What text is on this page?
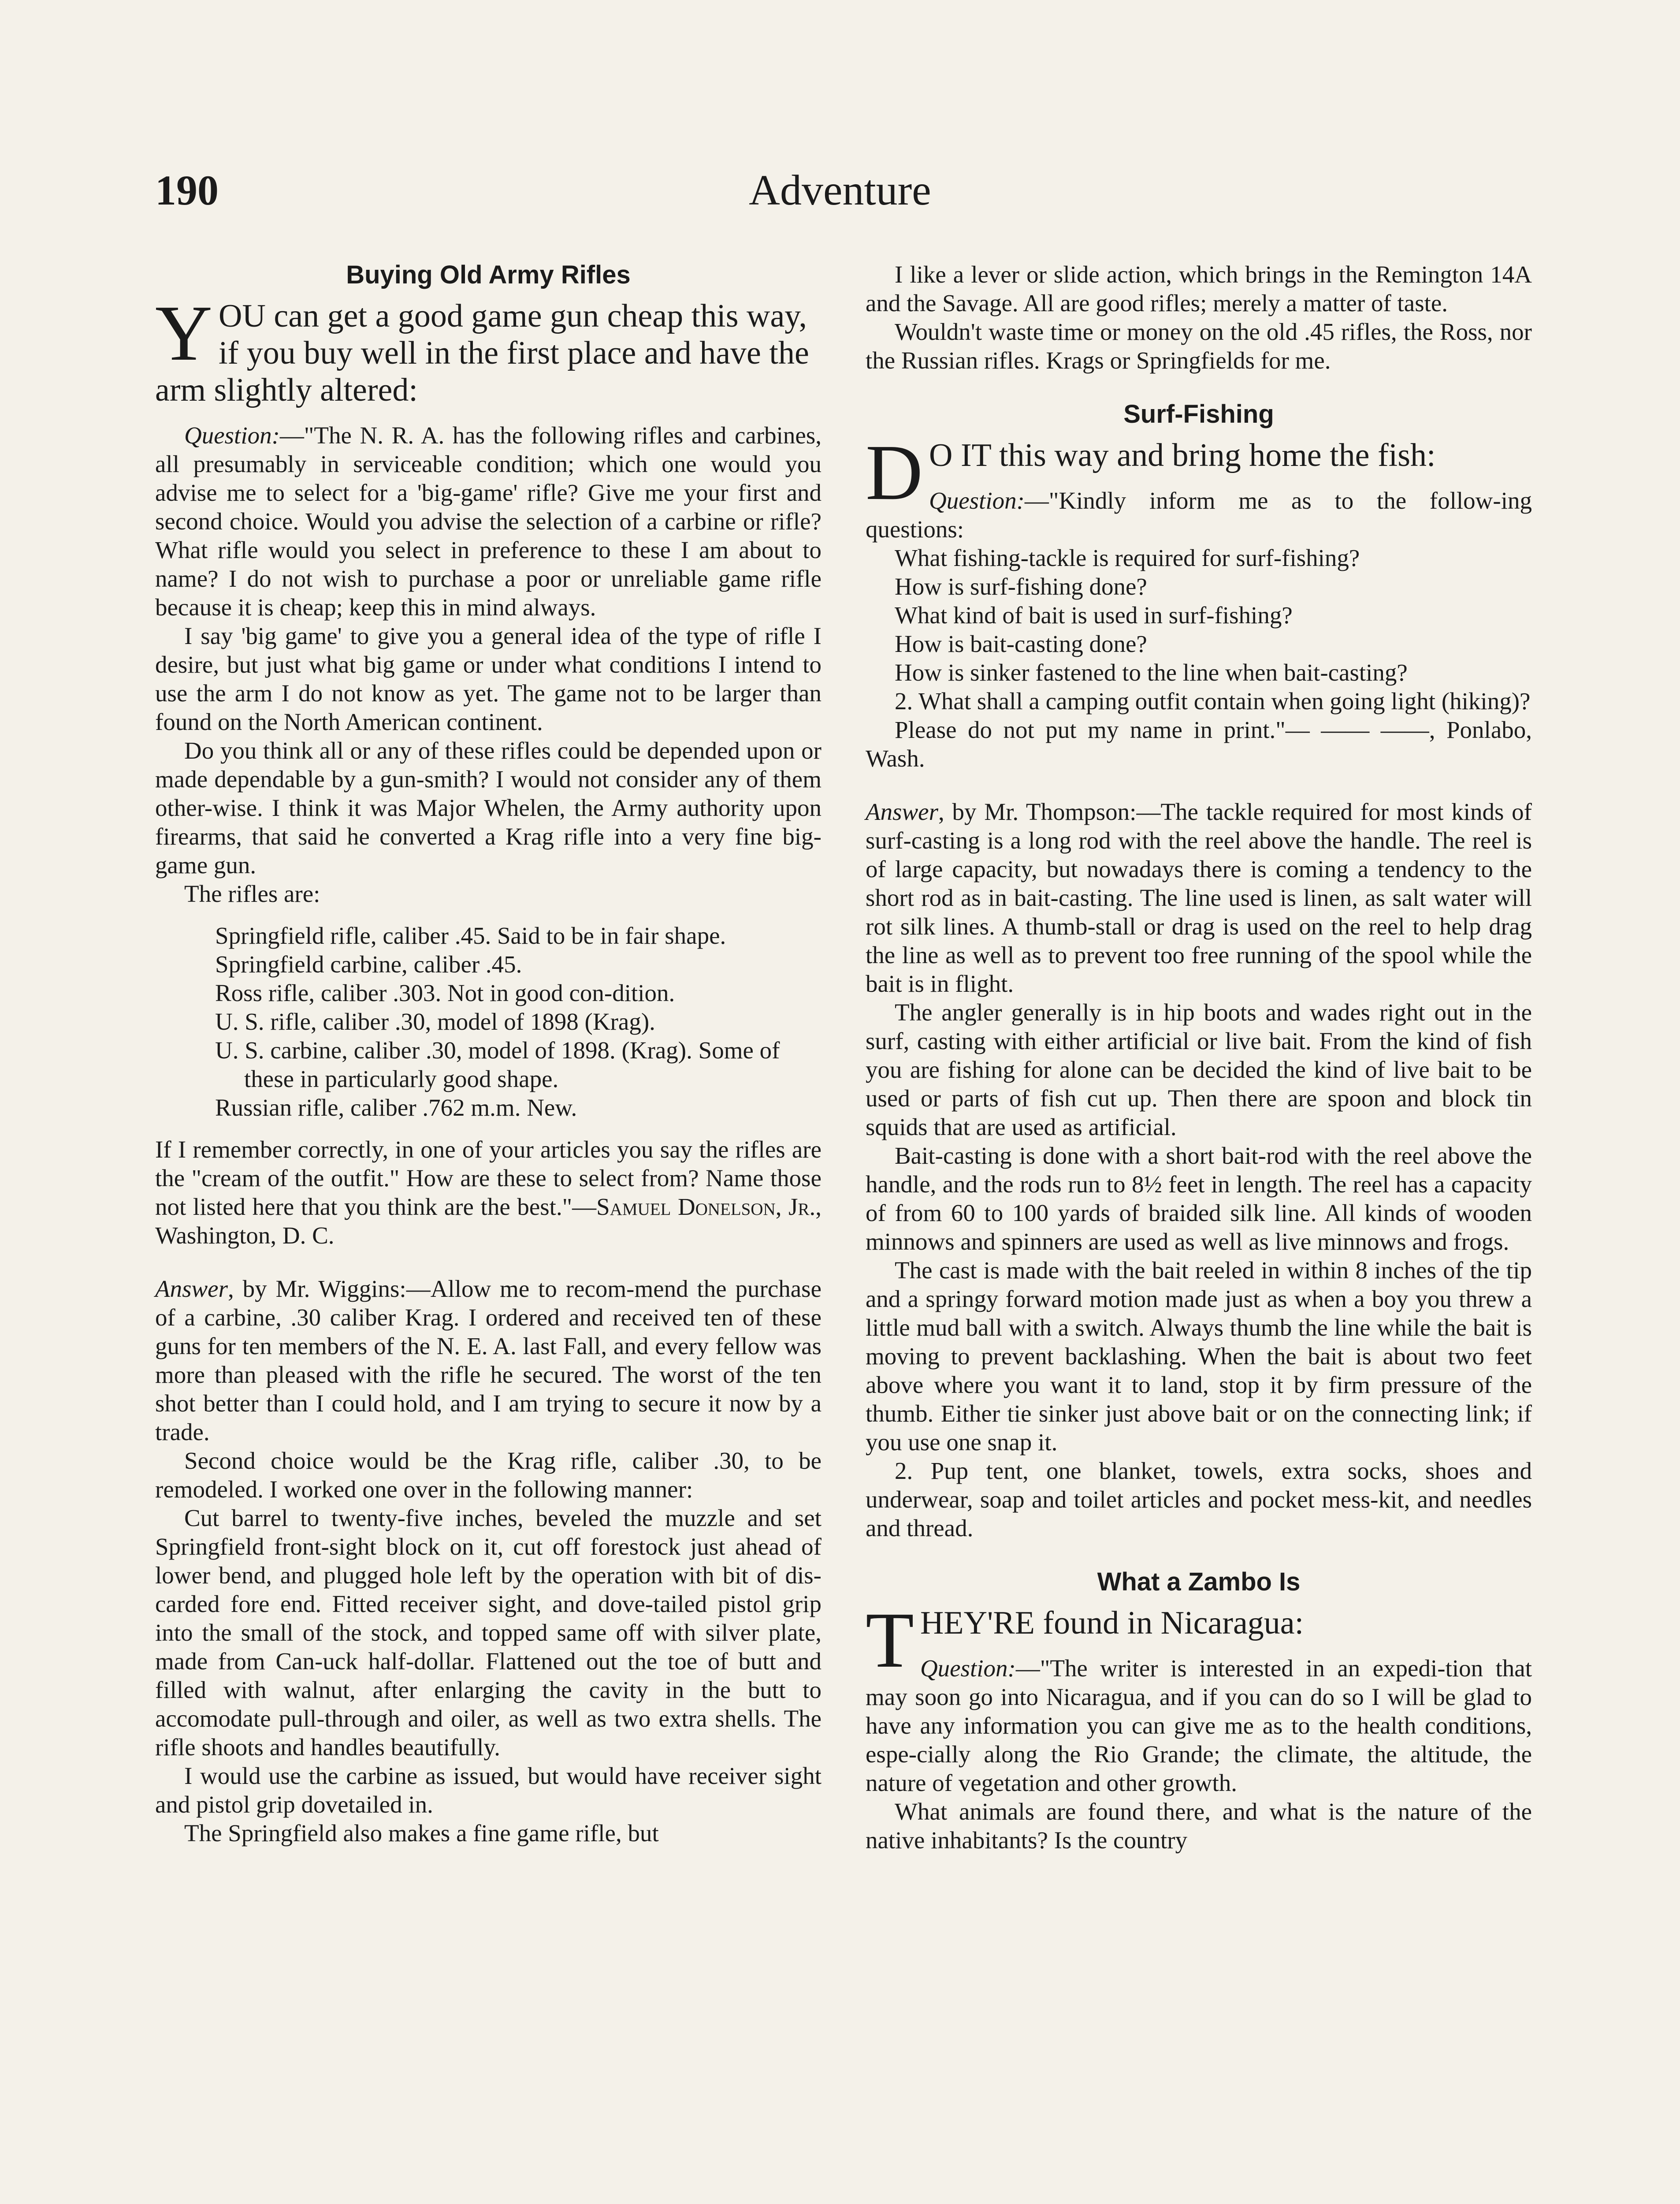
Adventure
190
Buying Old Army Rifles
YOU can get a good game gun cheap this way, if you buy well in the first place and have the arm slightly altered:

Question:—"The N. R. A. has the following rifles and carbines, all presumably in serviceable condition; which one would you advise me to select for a 'big-game' rifle? Give me your first and second choice. Would you advise the selection of a carbine or rifle? What rifle would you select in preference to these I am about to name? I do not wish to purchase a poor or unreliable game rifle because it is cheap; keep this in mind always.

I say 'big game' to give you a general idea of the type of rifle I desire, but just what big game or under what conditions I intend to use the arm I do not know as yet. The game not to be larger than found on the North American continent.

Do you think all or any of these rifles could be depended upon or made dependable by a gun-smith? I would not consider any of them other-wise. I think it was Major Whelen, the Army authority upon firearms, that said he converted a Krag rifle into a very fine big-game gun.

The rifles are:

Springfield rifle, caliber .45. Said to be in fair shape.
Springfield carbine, caliber .45.
Ross rifle, caliber .303. Not in good con-dition.
U. S. rifle, caliber .30, model of 1898 (Krag).
U. S. carbine, caliber .30, model of 1898. (Krag). Some of these in particularly good shape.
Russian rifle, caliber .762 m.m. New.

If I remember correctly, in one of your articles you say the rifles are the "cream of the outfit." How are these to select from? Name those not listed here that you think are the best."—Samuel Donelson, Jr., Washington, D. C.

Answer, by Mr. Wiggins:—Allow me to recom-mend the purchase of a carbine, .30 caliber Krag. I ordered and received ten of these guns for ten members of the N. E. A. last Fall, and every fellow was more than pleased with the rifle he secured. The worst of the ten shot better than I could hold, and I am trying to secure it now by a trade.

Second choice would be the Krag rifle, caliber .30, to be remodeled. I worked one over in the following manner:

Cut barrel to twenty-five inches, beveled the muzzle and set Springfield front-sight block on it, cut off forestock just ahead of lower bend, and plugged hole left by the operation with bit of dis-carded fore end. Fitted receiver sight, and dove-tailed pistol grip into the small of the stock, and topped same off with silver plate, made from Can-uck half-dollar. Flattened out the toe of butt and filled with walnut, after enlarging the cavity in the butt to accomodate pull-through and oiler, as well as two extra shells. The rifle shoots and handles beautifully.

I would use the carbine as issued, but would have receiver sight and pistol grip dovetailed in.

The Springfield also makes a fine game rifle, but

I like a lever or slide action, which brings in the Remington 14A and the Savage. All are good rifles; merely a matter of taste.

Wouldn't waste time or money on the old .45 rifles, the Ross, nor the Russian rifles. Krags or Springfields for me.

Surf-Fishing
D O IT this way and bring home the fish:

Question:—"Kindly inform me as to the follow-ing questions:

What fishing-tackle is required for surf-fishing?
How is surf-fishing done?
What kind of bait is used in surf-fishing?
How is bait-casting done?

How is sinker fastened to the line when bait-casting?

2. What shall a camping outfit contain when going light (hiking)?

Please do not put my name in print."— —— ——, Ponlabo, Wash.

Answer, by Mr. Thompson:—The tackle required for most kinds of surf-casting is a long rod with the reel above the handle. The reel is of large capacity, but nowadays there is coming a tendency to the short rod as in bait-casting. The line used is linen, as salt water will rot silk lines. A thumb-stall or drag is used on the reel to help drag the line as well as to prevent too free running of the spool while the bait is in flight.

The angler generally is in hip boots and wades right out in the surf, casting with either artificial or live bait. From the kind of fish you are fishing for alone can be decided the kind of live bait to be used or parts of fish cut up. Then there are spoon and block tin squids that are used as artificial.

Bait-casting is done with a short bait-rod with the reel above the handle, and the rods run to 8½ feet in length. The reel has a capacity of from 60 to 100 yards of braided silk line. All kinds of wooden minnows and spinners are used as well as live minnows and frogs.

The cast is made with the bait reeled in within 8 inches of the tip and a springy forward motion made just as when a boy you threw a little mud ball with a switch. Always thumb the line while the bait is moving to prevent backlashing. When the bait is about two feet above where you want it to land, stop it by firm pressure of the thumb. Either tie sinker just above bait or on the connecting link; if you use one snap it.

2. Pup tent, one blanket, towels, extra socks, shoes and underwear, soap and toilet articles and pocket mess-kit, and needles and thread.

What a Zambo Is
THEY'RE found in Nicaragua:

Question:—"The writer is interested in an expedi-tion that may soon go into Nicaragua, and if you can do so I will be glad to have any information you can give me as to the health conditions, espe-cially along the Rio Grande; the climate, the altitude, the nature of vegetation and other growth.

What animals are found there, and what is the nature of the native inhabitants? Is the country
